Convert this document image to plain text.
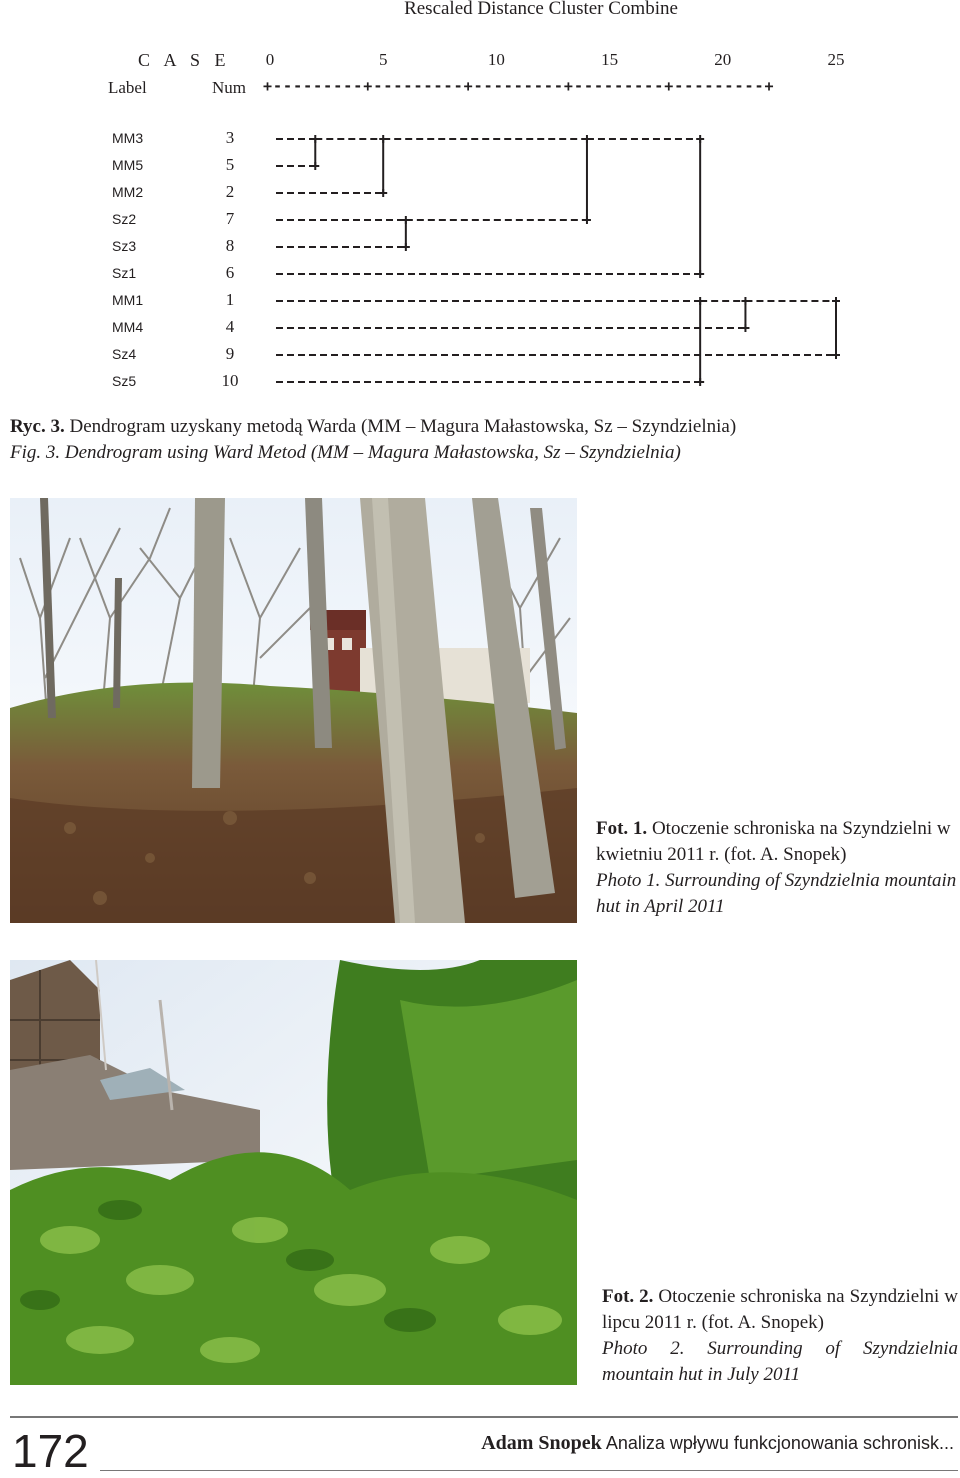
Rescaled Distance Cluster Combine
C A S E	0	5	10	15	20	25
Label	Num +---------+---------+---------+---------+---------+
MM3	3
MM5	5
MM2	2
Sz2	7
Sz3	8
Sz1	6
MM1	1
MM4	4
Sz4	9
Sz5	10
Ryc. 3. Dendrogram uzyskany metodą Warda (MM – Magura Małastowska, Sz – Szyndzielnia)
Fig. 3. Dendrogram using Ward Metod (MM – Magura Małastowska, Sz – Szyndzielnia)
Fot. 1. Otoczenie schroniska na Szyndzielni w kwietniu 2011 r. (fot. A. Snopek)
Photo 1. Surrounding of Szyndzielnia mountain hut in April 2011
Fot. 2. Otoczenie schroniska na Szyndzielni w lipcu 2011 r. (fot. A. Snopek)
Photo 2. Surrounding of Szyndzielnia mountain hut in July 2011
172	Adam Snopek Analiza wpływu funkcjonowania schronisk...
